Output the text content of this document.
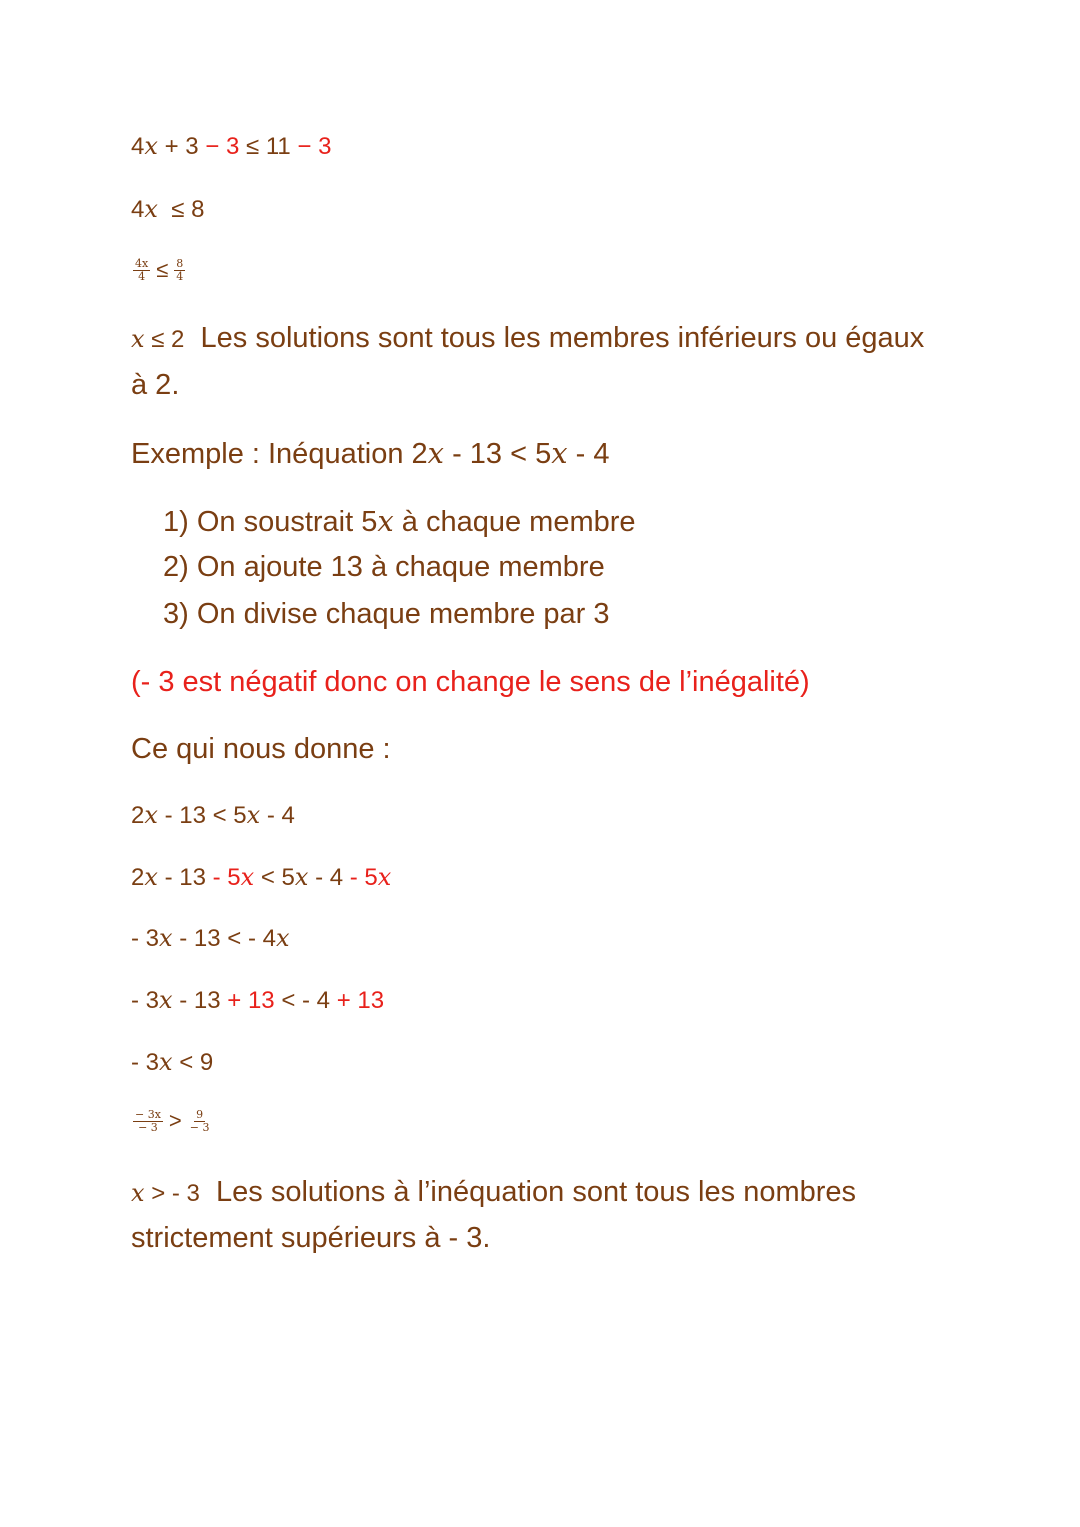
4x + 3 − 3 ≤ 11 − 3
4x  ≤ 8
$\frac{4x}{4} \le \frac{8}{4}$
x ≤ 2  Les solutions sont tous les membres inférieurs ou égaux
à 2.
Exemple : Inéquation 2x - 13 < 5x - 4
1) On soustrait 5x à chaque membre
2) On ajoute 13 à chaque membre
3) On divise chaque membre par 3
(- 3 est négatif donc on change le sens de l’inégalité)
Ce qui nous donne :
2x - 13 < 5x - 4
2x - 13 - 5x < 5x - 4 - 5x
- 3x - 13 < - 4x
- 3x - 13 + 13 < - 4 + 13
- 3x < 9
$\frac{- 3x}{- 3} > \frac{9}{- 3}$
x > - 3  Les solutions à l’inéquation sont tous les nombres
strictement supérieurs à - 3.
